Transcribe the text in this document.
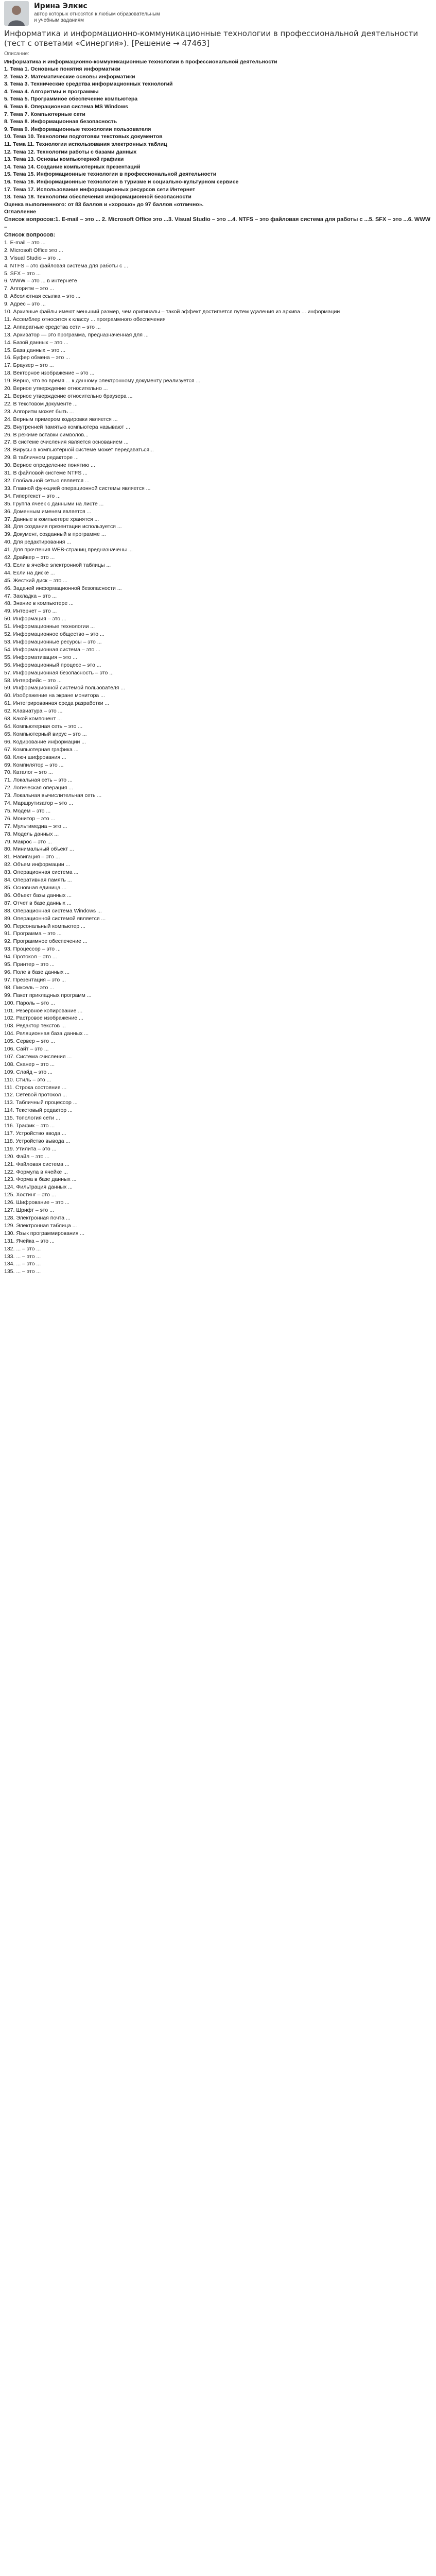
Ирина Элкис
автор которых относятся к любым образовательным
и учебным заданиям
Информатика и информационно-коммуникационные технологии в профессиональной деятельности (тест с ответами «Синергия»). [Решение → 47463]
Описание:
Информатика и информационно-коммуникационные технологии в профессиональной деятельности
1. Тема 1. Основные понятия информатики
2. Тема 2. Математические основы информатики
3. Тема 3. Технические средства информационных технологий
4. Тема 4. Алгоритмы и программы
5. Тема 5. Программное обеспечение компьютера
6. Тема 6. Операционная система MS Windows
7. Тема 7. Компьютерные сети
8. Тема 8. Информационная безопасность
9. Тема 9. Информационные технологии пользователя
10. Тема 10. Технологии подготовки текстовых документов
11. Тема 11. Технологии использования электронных таблиц
12. Тема 12. Технологии работы с базами данных
13. Тема 13. Основы компьютерной графики
14. Тема 14. Создание компьютерных презентаций
15. Тема 15. Информационные технологии в профессиональной деятельности
16. Тема 16. Информационные технологии в туризме и социально-культурном сервисе
17. Тема 17. Использование информационных ресурсов сети Интернет
18. Тема 18. Технологии обеспечения информационной безопасности
Оценка выполненного: от 83 баллов и «хорошо» до 97 баллов «отлично».
Оглавление
Список вопросов:1. E-mail – это ... 2. Microsoft Office это ...3. Visual Studio – это ...4. NTFS – это файловая система для работы с ...5. SFX – это ...6. WWW –
Список вопросов:
1. E-mail – это ...
2. Microsoft Office это ...
3. Visual Studio – это ...
4. NTFS – это файловая система для работы с ...
5. SFX – это ...
6. WWW – это ... в интернете
7. Алгоритм – это ...
8. Абсолютная ссылка – это ...
9. Адрес – это ...
10. Архивные файлы имеют меньший размер, чем оригиналы – такой эффект достигается путем удаления из архива ... информации
11. Ассемблер относится к классу ... программного обеспечения
12. Аппаратные средства сети – это ...
13. Архиватор — это программа, предназначенная для ...
14. Базой данных – это ...
15. База данных – это ...
16. Буфер обмена – это ...
17. Браузер – это ...
18. Векторное изображение – это ...
19. Верно, что во время ... к данному электронному документу реализуется ...
20. Верное утверждение относительно ...
21. Верное утверждение относительно браузера ...
22. В текстовом документе ...
23. Алгоритм может быть ...
24. Верным примером кодировки является ...
25. Внутренней памятью компьютера называют ...
26. В режиме вставки символов...
27. В системе счисления является основанием ...
28. Вирусы в компьютерной системе может передаваться...
29. В табличном редакторе ...
30. Верное определение понятию ...
31. В файловой системе NTFS ...
32. Глобальной сетью является ...
33. Главной функцией операционной системы является ...
34. Гипертекст – это ...
35. Группа ячеек с данными на листе ...
36. Доменным именем является ...
37. Данные в компьютере хранятся ...
38. Для создания презентации используется ...
39. Документ, созданный в программе ...
40. Для редактирования ...
41. Для прочтения WEB-страниц предназначены ...
42. Драйвер – это ...
43. Если в ячейке электронной таблицы ...
44. Если на диске ...
45. Жесткий диск – это ...
46. Задачей информационной безопасности ...
47. Закладка – это ...
48. Знание в компьютере ...
49. Интернет – это ...
50. Информация – это ...
51. Информационные технологии ...
52. Информационное общество – это ...
53. Информационные ресурсы – это ...
54. Информационная система – это ...
55. Информатизация – это ...
56. Информационный процесс – это ...
57. Информационная безопасность – это ...
58. Интерфейс – это ...
59. Информационной системой пользователя ...
60. Изображение на экране монитора ...
61. Интегрированная среда разработки ...
62. Клавиатура – это ...
63. Какой компонент ...
64. Компьютерная сеть – это ...
65. Компьютерный вирус – это ...
66. Кодирование информации ...
67. Компьютерная графика ...
68. Ключ шифрования ...
69. Компилятор – это ...
70. Каталог – это ...
71. Локальная сеть – это ...
72. Логическая операция ...
73. Локальная вычислительная сеть ...
74. Маршрутизатор – это ...
75. Модем – это ...
76. Монитор – это ...
77. Мультимедиа – это ...
78. Модель данных ...
79. Макрос – это ...
80. Минимальный объект ...
81. Навигация – это ...
82. Объем информации ...
83. Операционная система ...
84. Оперативная память ...
85. Основная единица ...
86. Объект базы данных ...
87. Отчет в базе данных ...
88. Операционная система Windows ...
89. Операционной системой является ...
90. Персональный компьютер ...
91. Программа – это ...
92. Программное обеспечение ...
93. Процессор – это ...
94. Протокол – это ...
95. Принтер – это ...
96. Поле в базе данных ...
97. Презентация – это ...
98. Пиксель – это ...
99. Пакет прикладных программ ...
100. Пароль – это ...
101. Резервное копирование ...
102. Растровое изображение ...
103. Редактор текстов ...
104. Реляционная база данных ...
105. Сервер – это ...
106. Сайт – это ...
107. Система счисления ...
108. Сканер – это ...
109. Слайд – это ...
110. Стиль – это ...
111. Строка состояния ...
112. Сетевой протокол ...
113. Табличный процессор ...
114. Текстовый редактор ...
115. Топология сети ...
116. Трафик – это ...
117. Устройство ввода ...
118. Устройство вывода ...
119. Утилита – это ...
120. Файл – это ...
121. Файловая система ...
122. Формула в ячейке ...
123. Форма в базе данных ...
124. Фильтрация данных ...
125. Хостинг – это ...
126. Шифрование – это ...
127. Шрифт – это ...
128. Электронная почта ...
129. Электронная таблица ...
130. Язык программирования ...
131. Ячейка – это ...
132. ... – это ...
133. ... – это ...
134. ... – это ...
135. ... – это ...
